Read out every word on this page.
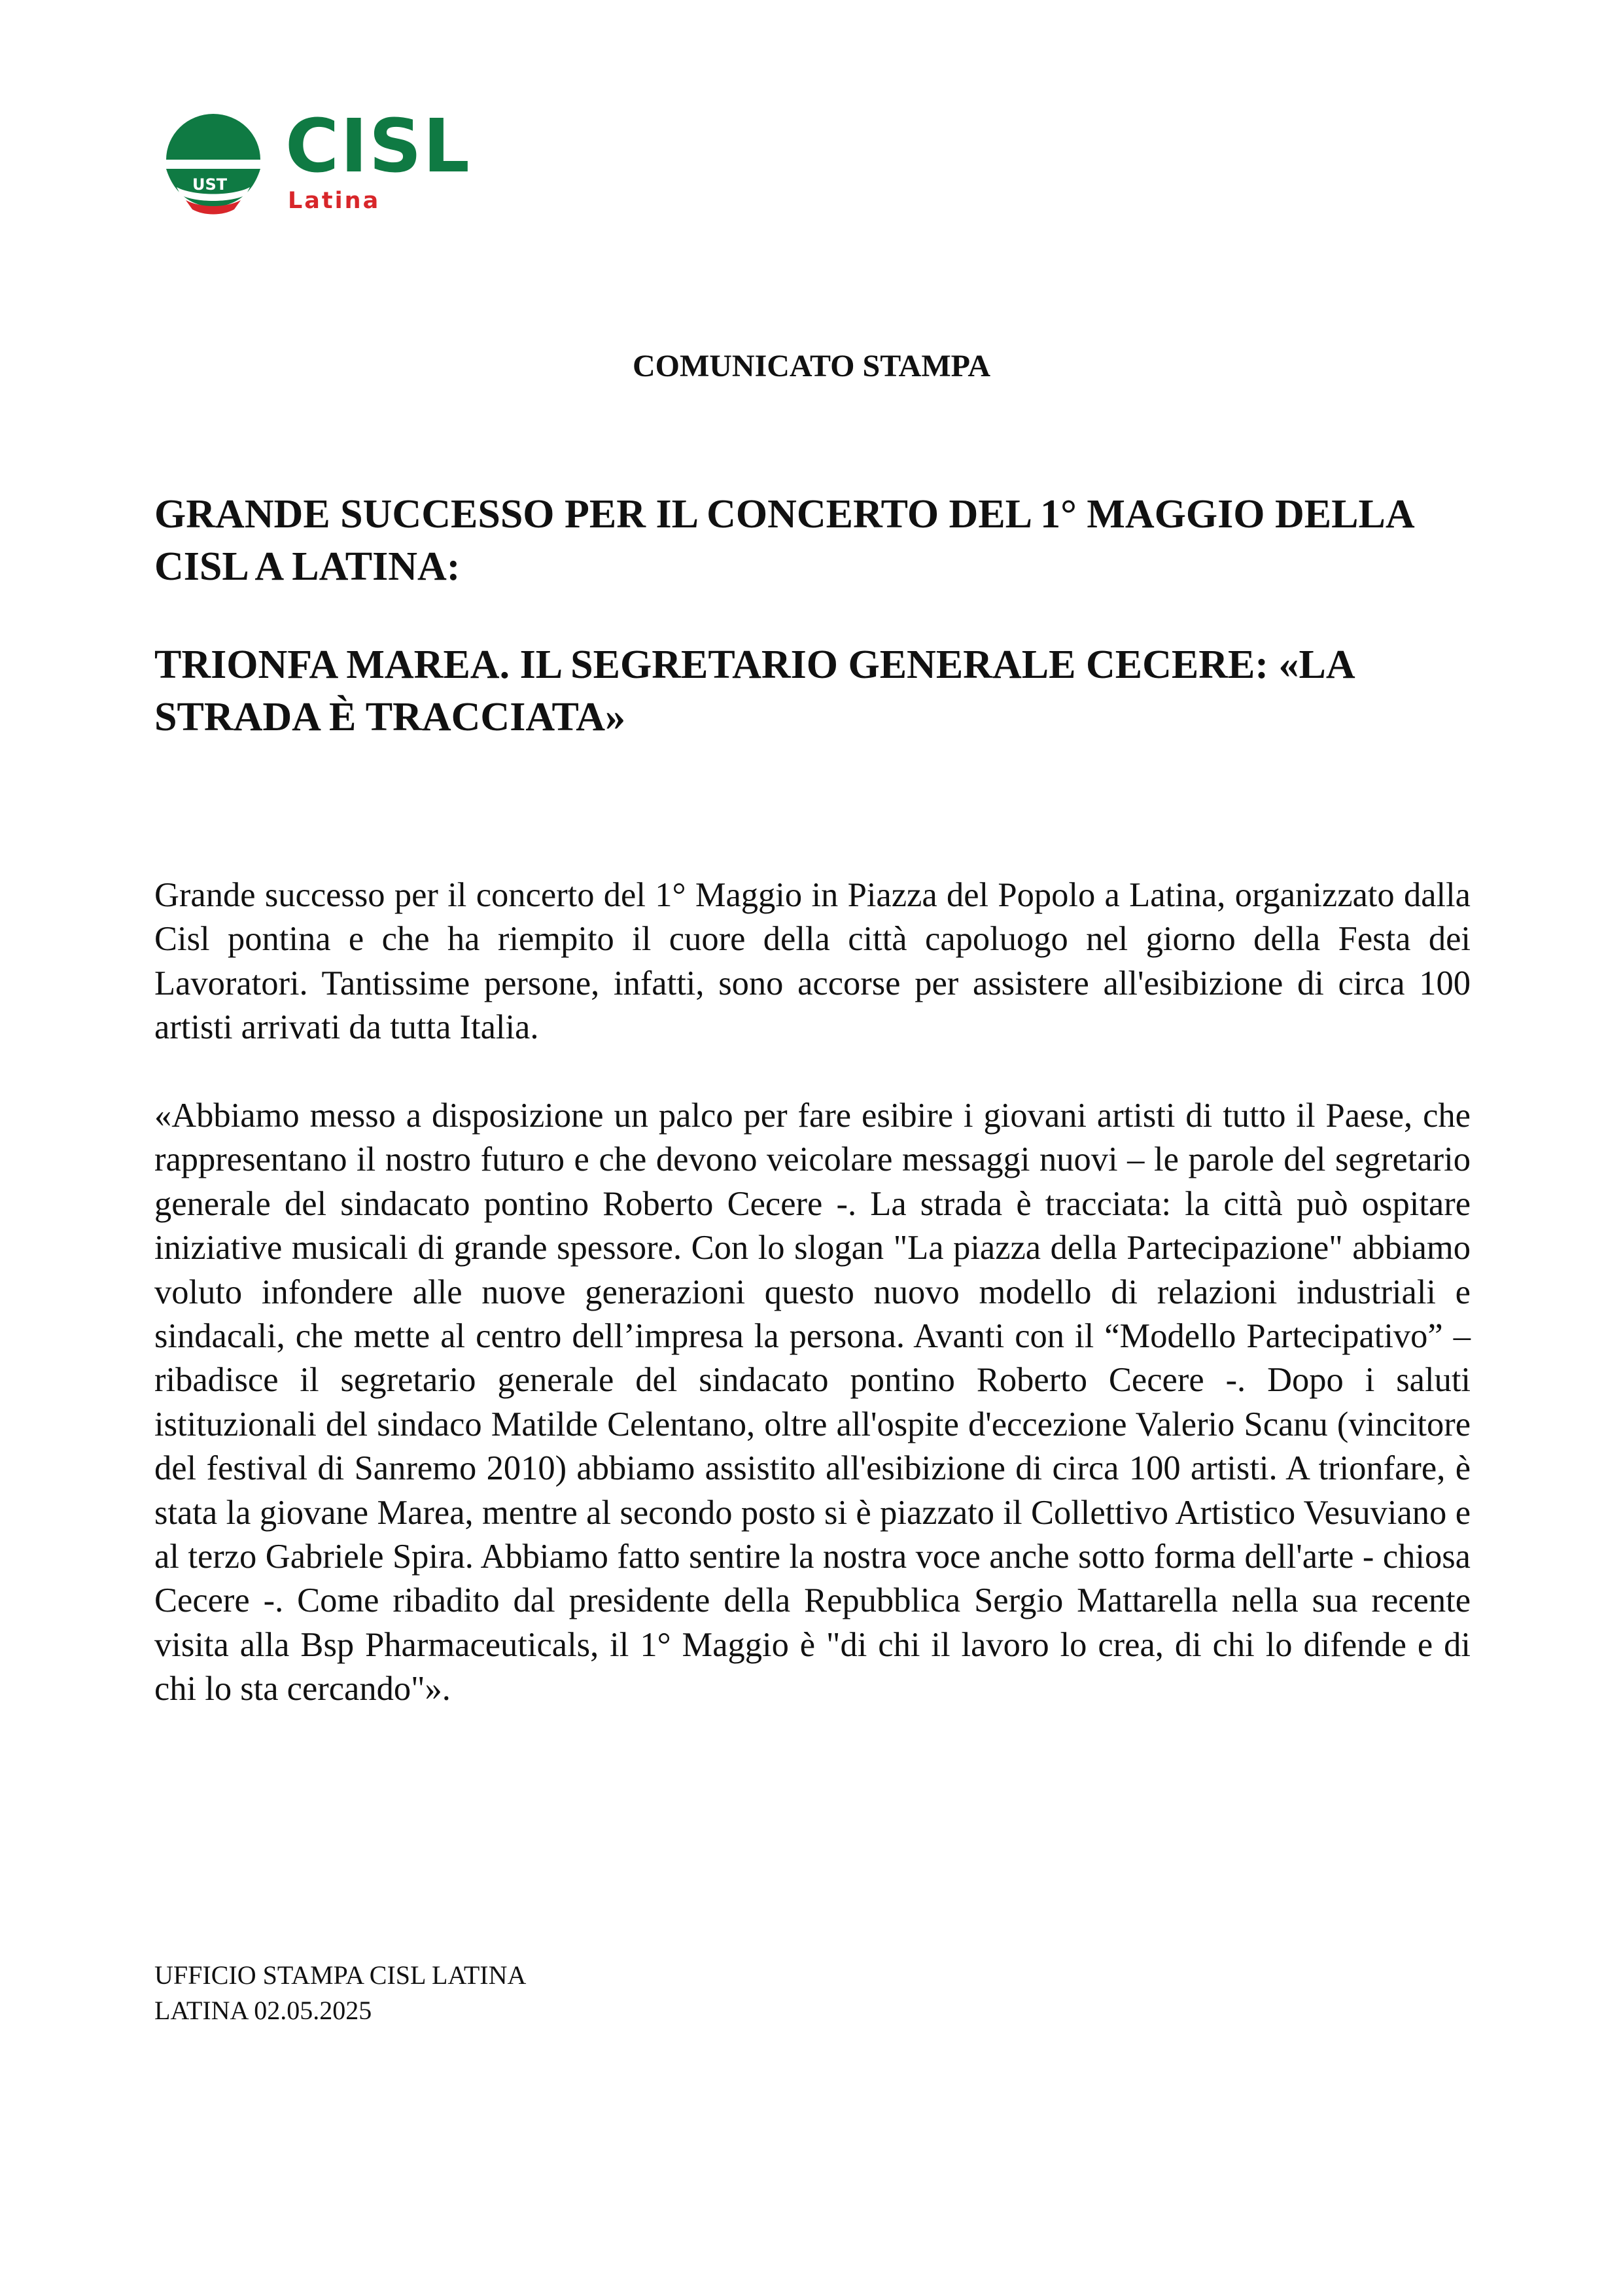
UST CISL
Latina

COMUNICATO STAMPA

GRANDE SUCCESSO PER IL CONCERTO DEL 1° MAGGIO DELLA CISL A LATINA:
TRIONFA MAREA. IL SEGRETARIO GENERALE CECERE: «LA STRADA È TRACCIATA»

Grande successo per il concerto del 1° Maggio in Piazza del Popolo a Latina, organizzato dalla Cisl pontina e che ha riempito il cuore della città capoluogo nel giorno della Festa dei Lavoratori. Tantissime persone, infatti, sono accorse per assistere all'esibizione di circa 100 artisti arrivati da tutta Italia.

«Abbiamo messo a disposizione un palco per fare esibire i giovani artisti di tutto il Paese, che rappresentano il nostro futuro e che devono veicolare messaggi nuovi – le parole del segretario generale del sindacato pontino Roberto Cecere -. La strada è tracciata: la città può ospitare iniziative musicali di grande spessore. Con lo slogan "La piazza della Partecipazione" abbiamo voluto infondere alle nuove generazioni questo nuovo modello di relazioni industriali e sindacali, che mette al centro dell’impresa la persona. Avanti con il “Modello Partecipativo” – ribadisce il segretario generale del sindacato pontino Roberto Cecere -. Dopo i saluti istituzionali del sindaco Matilde Celentano, oltre all'ospite d'eccezione Valerio Scanu (vincitore del festival di Sanremo 2010) abbiamo assistito all'esibizione di circa 100 artisti. A trionfare, è stata la giovane Marea, mentre al secondo posto si è piazzato il Collettivo Artistico Vesuviano e al terzo Gabriele Spira. Abbiamo fatto sentire la nostra voce anche sotto forma dell'arte - chiosa Cecere -. Come ribadito dal presidente della Repubblica Sergio Mattarella nella sua recente visita alla Bsp Pharmaceuticals, il 1° Maggio è "di chi il lavoro lo crea, di chi lo difende e di chi lo sta cercando"».

UFFICIO STAMPA CISL LATINA
LATINA 02.05.2025
